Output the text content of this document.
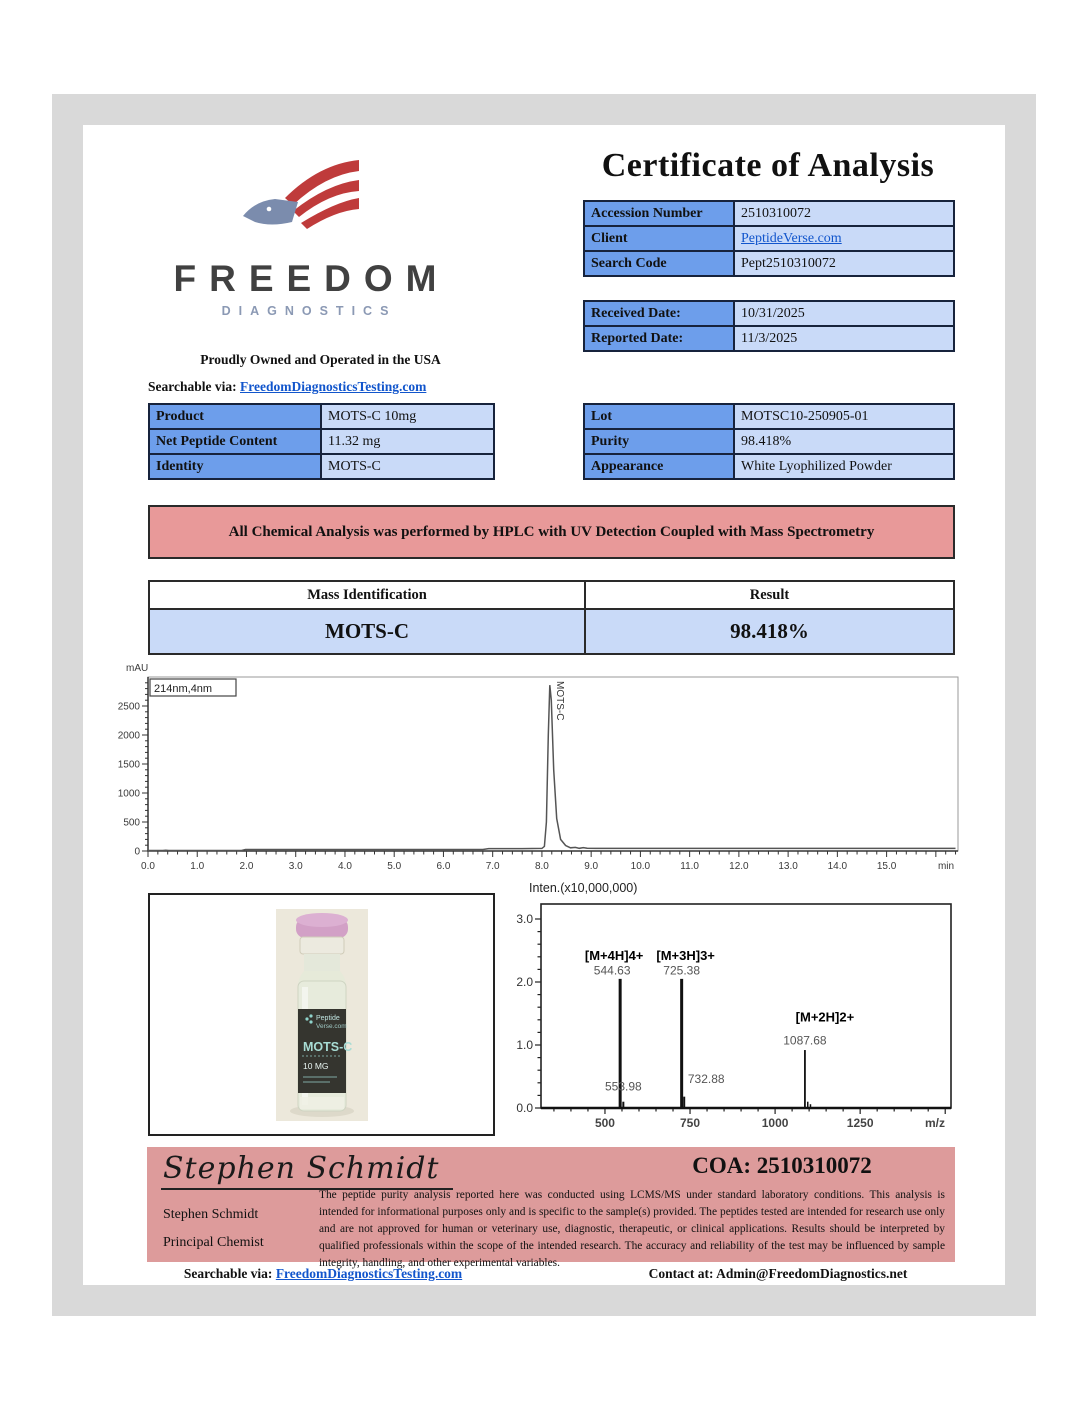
FREEDOM
DIAGNOSTICS
Proudly Owned and Operated in the USA
Searchable via: FreedomDiagnosticsTesting.com
Certificate of Analysis
Accession Number	2510310072
Client	PeptideVerse.com
Search Code	Pept2510310072
Received Date:	10/31/2025
Reported Date:	11/3/2025
Product	MOTS-C 10mg
Net Peptide Content	11.32 mg
Identity	MOTS-C
Lot	MOTSC10-250905-01
Purity	98.418%
Appearance	White Lyophilized Powder
All Chemical Analysis was performed by HPLC with UV Detection Coupled with Mass Spectrometry
Mass Identification	Result
MOTS-C	98.418%
0.0	1.0	2.0	3.0	4.0	5.0	6.0	7.0	8.0	9.0	10.0	11.0	12.0	13.0	14.0	15.0	min
0
500
1000
1500
2000
2500
mAU
214nm,4nm	MOTS-C
Peptide
Verse.com
MOTS-C
10 MG
Inten.(x10,000,000)
500	750	1000	1250	m/z
0.0
1.0
2.0
3.0
544.63
[M+4H]4+
553.98
725.38
[M+3H]3+
732.88
1087.68
[M+2H]2+
Stephen Schmidt
Stephen Schmidt
Principal Chemist
COA: 2510310072
The peptide purity analysis reported here was conducted using LCMS/MS under standard laboratory conditions. This analysis is intended for informational purposes only and is specific to the sample(s) provided. The peptides tested are intended for research use only and are not approved for human or veterinary use, diagnostic, therapeutic, or clinical applications. Results should be interpreted by qualified professionals within the scope of the intended research. The accuracy and reliability of the test may be influenced by sample integrity, handling, and other experimental variables.
Searchable via: FreedomDiagnosticsTesting.com	Contact at: Admin@FreedomDiagnostics.net
